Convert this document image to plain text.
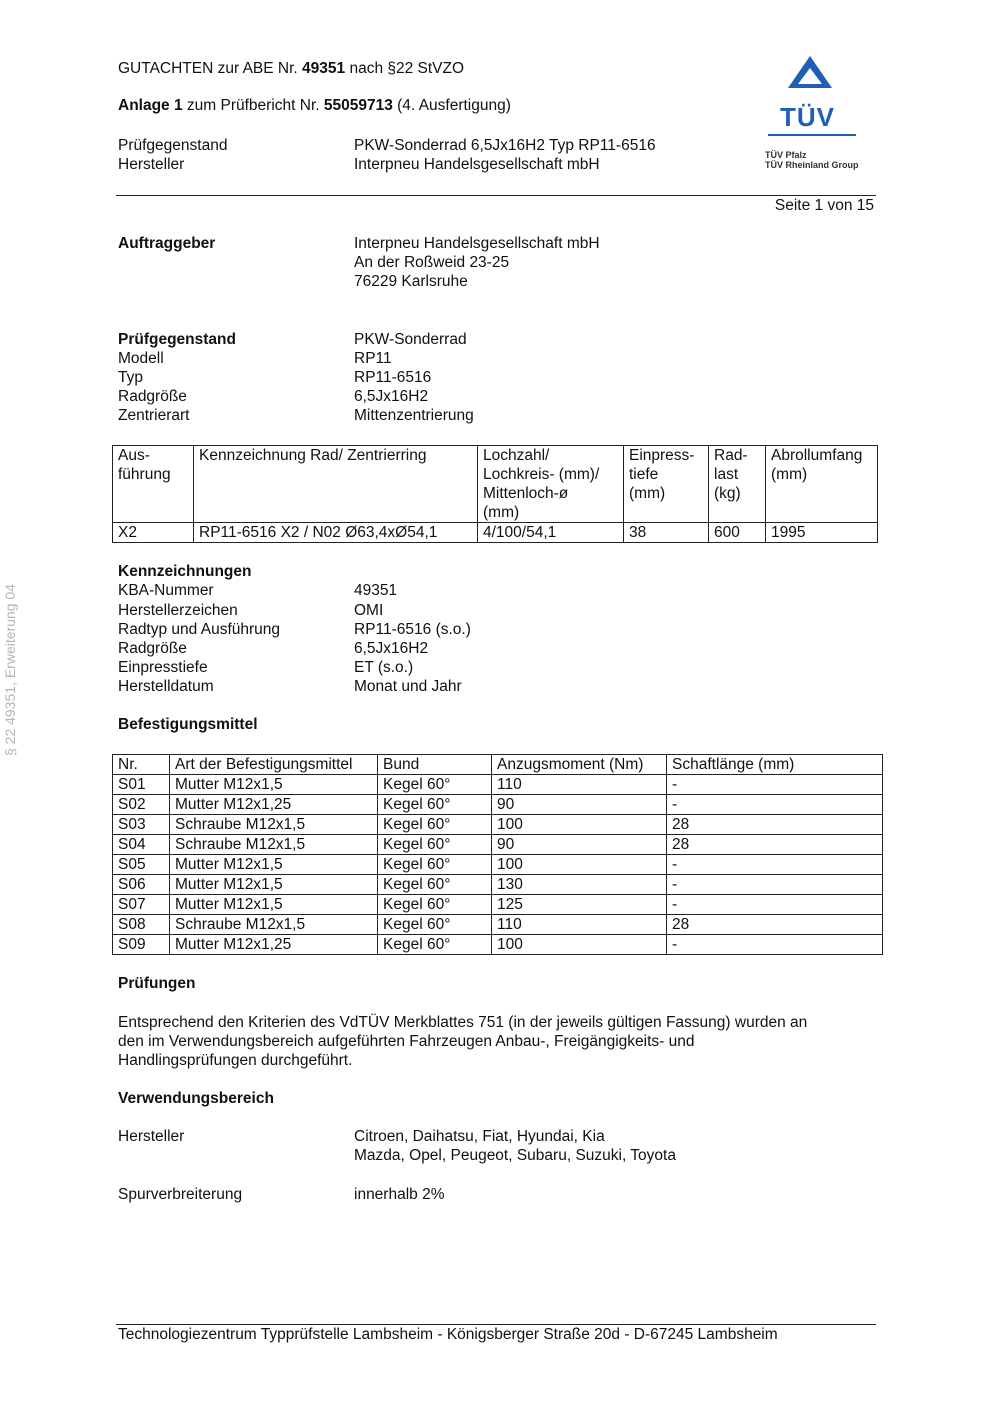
GUTACHTEN zur ABE Nr. 49351 nach §22 StVZO
Anlage 1 zum Prüfbericht Nr. 55059713 (4. Ausfertigung)
Prüfgegenstand	PKW-Sonderrad 6,5Jx16H2 Typ RP11-6516
Hersteller	Interpneu Handelsgesellschaft mbH
TÜV
TÜV Pfalz
TÜV Rheinland Group
Seite 1 von 15
§ 22 49351, Erweiterung 04
Auftraggeber	Interpneu Handelsgesellschaft mbH
An der Roßweid 23-25
76229 Karlsruhe
Prüfgegenstand	PKW-Sonderrad
Modell	RP11
Typ	RP11-6516
Radgröße	6,5Jx16H2
Zentrierart	Mittenzentrierung
Aus-
führung	Kennzeichnung Rad/ Zentrierring	Lochzahl/
Lochkreis- (mm)/
Mittenloch-ø
(mm)	Einpress-
tiefe
(mm)	Rad-
last
(kg)	Abrollumfang
(mm)
X2	RP11-6516 X2 / N02 Ø63,4xØ54,1	4/100/54,1	38	600	1995
Kennzeichnungen
KBA-Nummer	49351
Herstellerzeichen	OMI
Radtyp und Ausführung	RP11-6516 (s.o.)
Radgröße	6,5Jx16H2
Einpresstiefe	ET (s.o.)
Herstelldatum	Monat und Jahr
Befestigungsmittel
Nr.	Art der Befestigungsmittel	Bund	Anzugsmoment (Nm)	Schaftlänge (mm)
S01	Mutter M12x1,5	Kegel 60°	110	-
S02	Mutter M12x1,25	Kegel 60°	90	-
S03	Schraube M12x1,5	Kegel 60°	100	28
S04	Schraube M12x1,5	Kegel 60°	90	28
S05	Mutter M12x1,5	Kegel 60°	100	-
S06	Mutter M12x1,5	Kegel 60°	130	-
S07	Mutter M12x1,5	Kegel 60°	125	-
S08	Schraube M12x1,5	Kegel 60°	110	28
S09	Mutter M12x1,25	Kegel 60°	100	-
Prüfungen
Entsprechend den Kriterien des VdTÜV Merkblattes 751 (in der jeweils gültigen Fassung) wurden an
den im Verwendungsbereich aufgeführten Fahrzeugen Anbau-, Freigängigkeits- und
Handlingsprüfungen durchgeführt.
Verwendungsbereich
Hersteller	Citroen, Daihatsu, Fiat, Hyundai, Kia
Mazda, Opel, Peugeot, Subaru, Suzuki, Toyota
Spurverbreiterung	innerhalb 2%
Technologiezentrum Typprüfstelle Lambsheim - Königsberger Straße 20d - D-67245 Lambsheim
